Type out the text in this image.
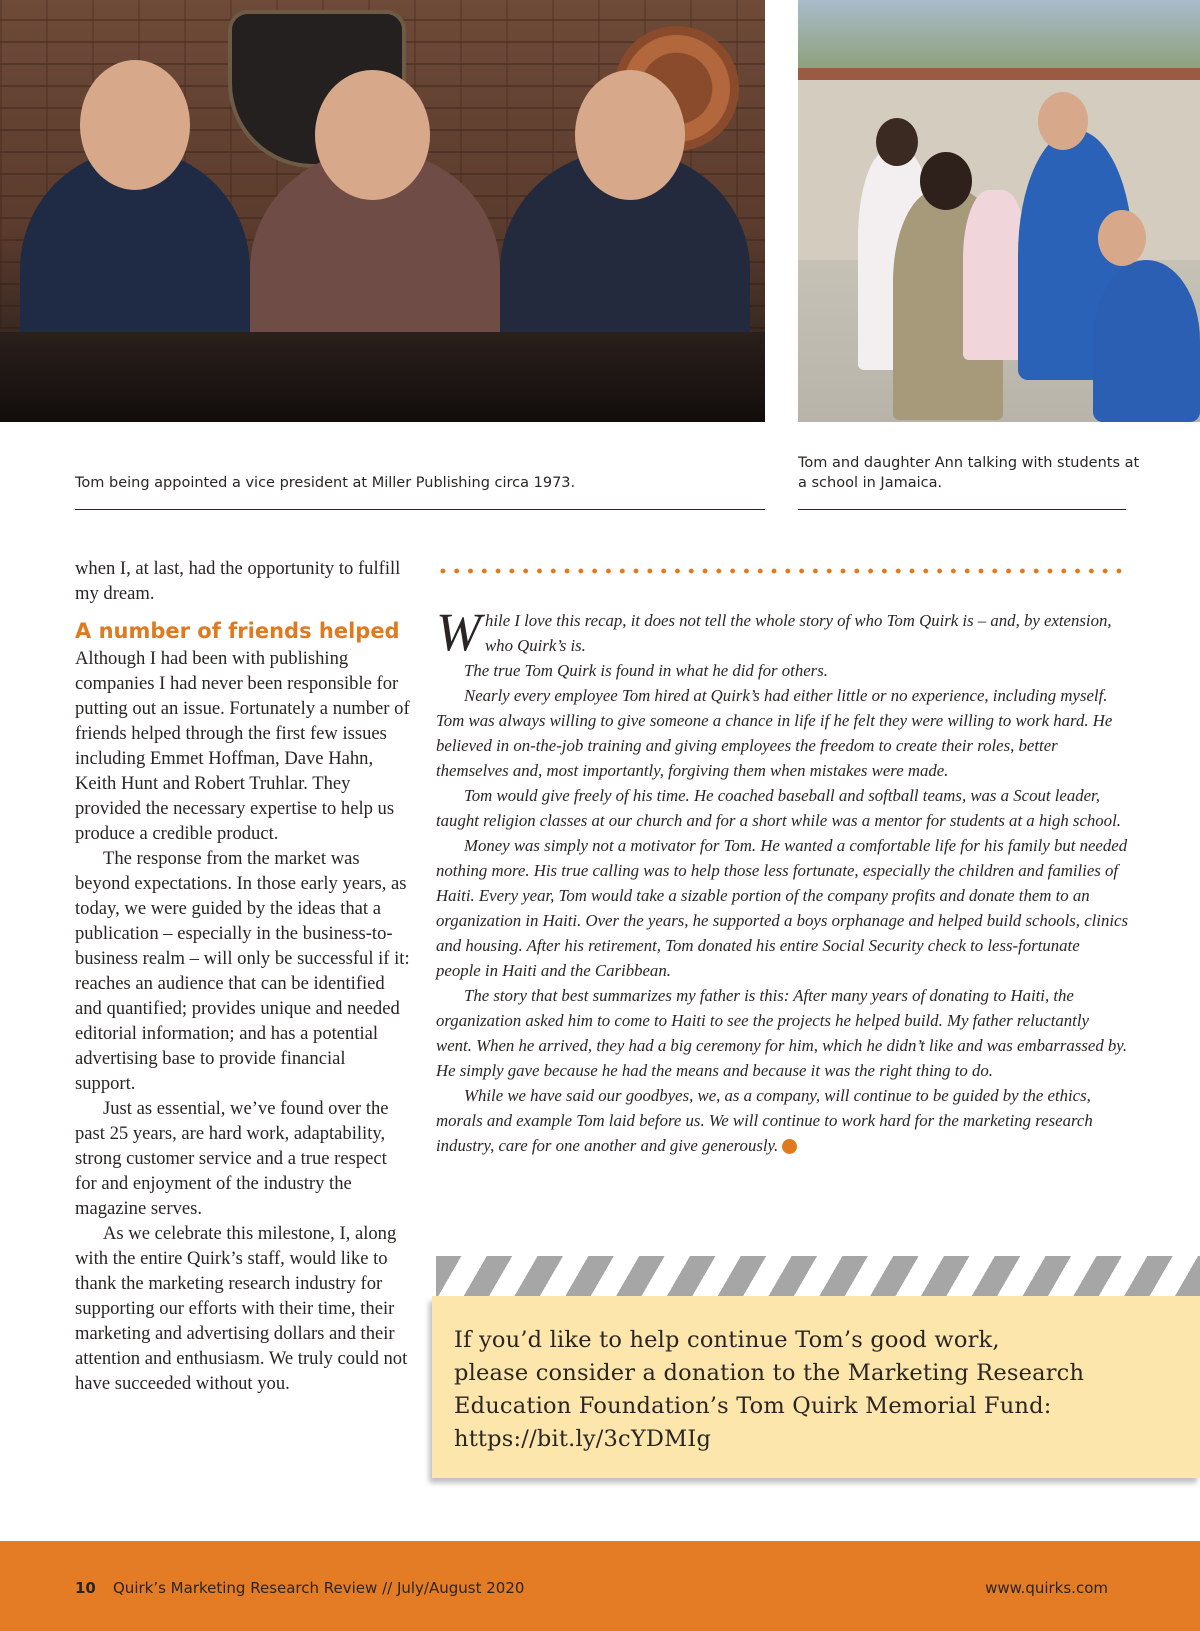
Tom being appointed a vice president at Miller Publishing circa 1973.
Tom and daughter Ann talking with students at
a school in Jamaica.

when I, at last, had the opportunity to fulfill my dream.

A number of friends helped

Although I had been with publishing companies I had never been responsible for putting out an issue. Fortunately a number of friends helped through the first few issues including Emmet Hoffman, Dave Hahn, Keith Hunt and Robert Truhlar. They provided the necessary expertise to help us produce a credible product.

The response from the market was beyond expectations. In those early years, as today, we were guided by the ideas that a publication – especially in the business-to-business realm – will only be successful if it: reaches an audience that can be identified and quantified; provides unique and needed editorial information; and has a potential advertising base to provide financial support.

Just as essential, we’ve found over the past 25 years, are hard work, adaptability, strong customer service and a true respect for and enjoyment of the industry the magazine serves.

As we celebrate this milestone, I, along with the entire Quirk’s staff, would like to thank the marketing research industry for supporting our efforts with their time, their marketing and advertising dollars and their attention and enthusiasm. We truly could not have succeeded without you.

While I love this recap, it does not tell the whole story of who Tom Quirk is – and, by extension, who Quirk’s is.

The true Tom Quirk is found in what he did for others.

Nearly every employee Tom hired at Quirk’s had either little or no experience, including myself. Tom was always willing to give someone a chance in life if he felt they were willing to work hard. He believed in on-the-job training and giving employees the freedom to create their roles, better themselves and, most importantly, forgiving them when mistakes were made.

Tom would give freely of his time. He coached baseball and softball teams, was a Scout leader, taught religion classes at our church and for a short while was a mentor for students at a high school.

Money was simply not a motivator for Tom. He wanted a comfortable life for his family but needed nothing more. His true calling was to help those less fortunate, especially the children and families of Haiti. Every year, Tom would take a sizable portion of the company profits and donate them to an organization in Haiti. Over the years, he supported a boys orphanage and helped build schools, clinics and housing. After his retirement, Tom donated his entire Social Security check to less-fortunate people in Haiti and the Caribbean.

The story that best summarizes my father is this: After many years of donating to Haiti, the organization asked him to come to Haiti to see the projects he helped build. My father reluctantly went. When he arrived, they had a big ceremony for him, which he didn’t like and was embarrassed by. He simply gave because he had the means and because it was the right thing to do.

While we have said our goodbyes, we, as a company, will continue to be guided by the ethics, morals and example Tom laid before us. We will continue to work hard for the marketing research industry, care for one another and give generously.	Q

If you’d like to help continue Tom’s good work,
please consider a donation to the Marketing Research
Education Foundation’s Tom Quirk Memorial Fund:
https://bit.ly/3cYDMIg
10 Quirk’s Marketing Research Review // July/August 2020	www.quirks.com
